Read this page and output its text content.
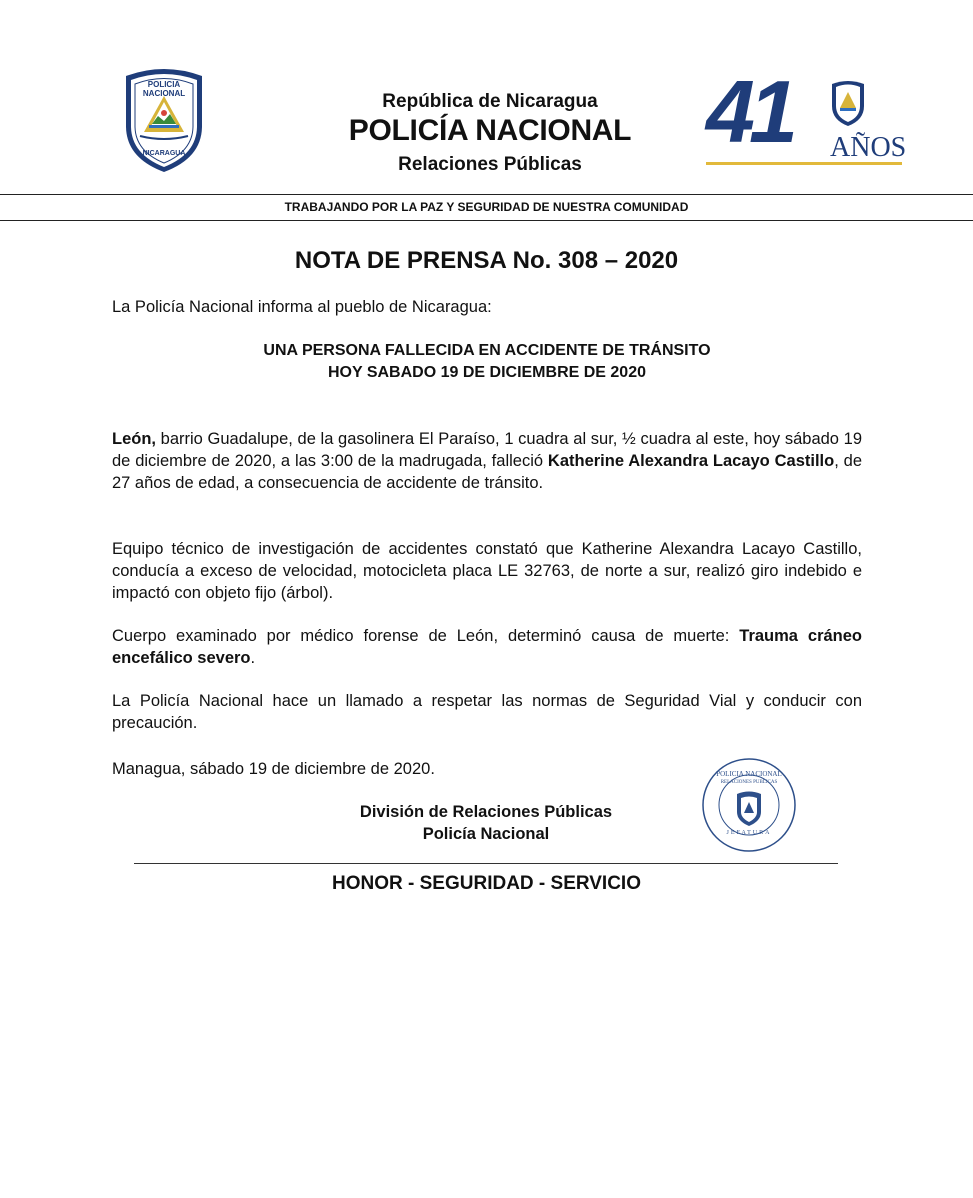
POLICIA NACIONAL
NICARAGUA
República de Nicaragua
POLICÍA NACIONAL
Relaciones Públicas
41 AÑOS
TRABAJANDO POR LA PAZ Y SEGURIDAD DE NUESTRA COMUNIDAD
NOTA DE PRENSA No. 308 – 2020
La Policía Nacional informa al pueblo de Nicaragua:
UNA PERSONA FALLECIDA EN ACCIDENTE DE TRÁNSITO
HOY SABADO 19 DE DICIEMBRE DE 2020
León, barrio Guadalupe, de la gasolinera El Paraíso, 1 cuadra al sur, ½ cuadra al este, hoy sábado 19 de diciembre de 2020, a las 3:00 de la madrugada, falleció Katherine Alexandra Lacayo Castillo, de 27 años de edad, a consecuencia de accidente de tránsito.
Equipo técnico de investigación de accidentes constató que Katherine Alexandra Lacayo Castillo, conducía a exceso de velocidad, motocicleta placa LE 32763, de norte a sur, realizó giro indebido e impactó con objeto fijo (árbol).
Cuerpo examinado por médico forense de León, determinó causa de muerte: Trauma cráneo encefálico severo.
La Policía Nacional hace un llamado a respetar las normas de Seguridad Vial y conducir con precaución.
Managua, sábado 19 de diciembre de 2020.	POLICIA NACIONAL
RELACIONES PUBLICAS
JEFATURA
División de Relaciones Públicas
Policía Nacional
HONOR - SEGURIDAD - SERVICIO
